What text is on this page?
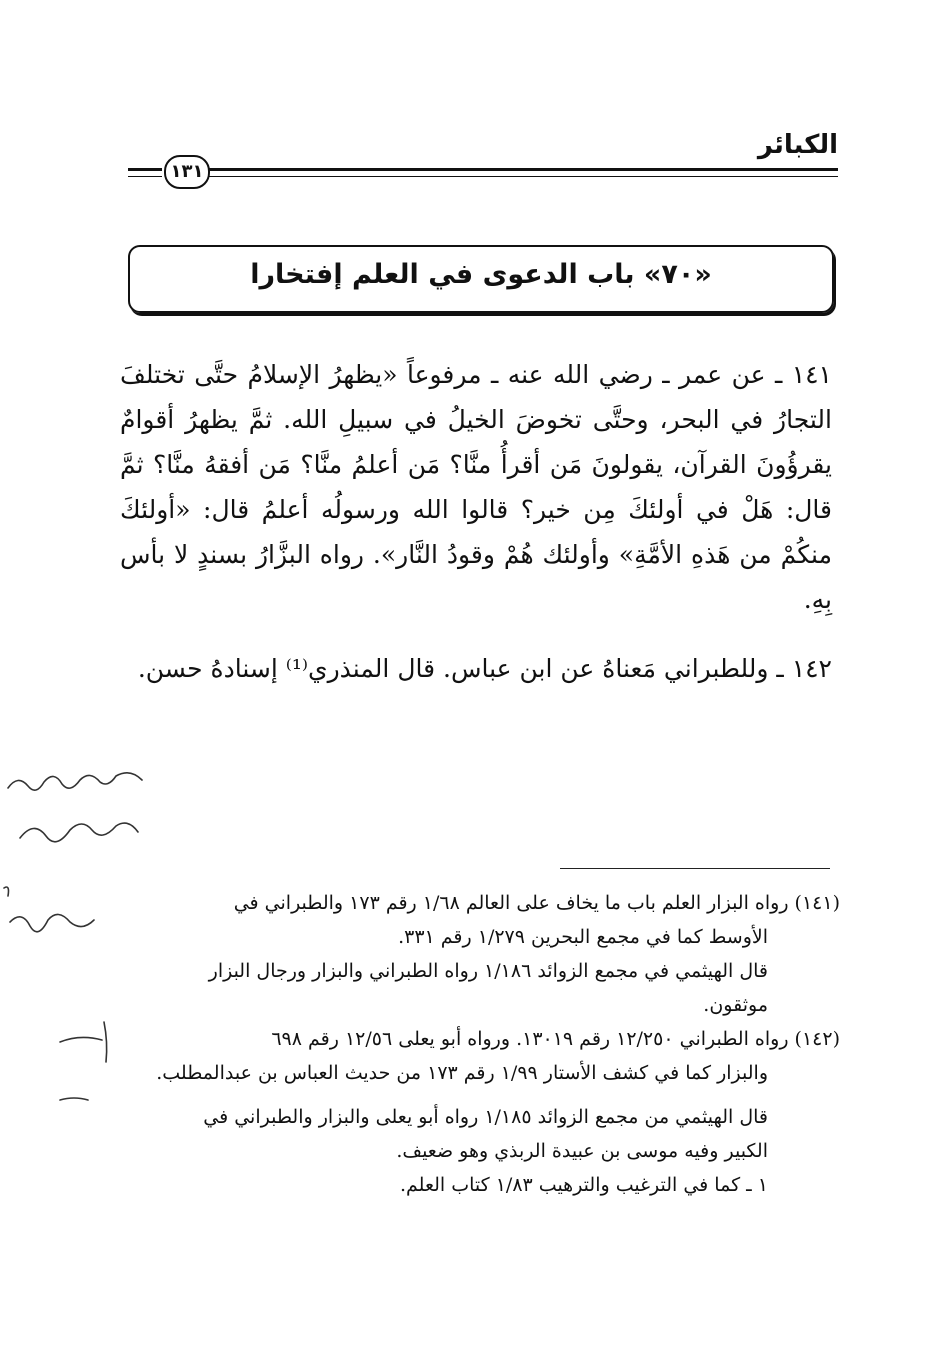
الكبائر
١٣١
«٧٠» باب الدعوى في العلم إفتخارا

١٤١ ـ عن عمر ـ رضي الله عنه ـ مرفوعاً «يظهرُ الإسلامُ حتَّى تختلفَ التجارُ في البحر، وحتَّى تخوضَ الخيلُ في سبيلِ الله. ثمَّ يظهرُ أقوامٌ يقرؤُونَ القرآن، يقولونَ مَن أقرأُ منَّا؟ مَن أعلمُ منَّا؟ مَن أفقهُ منَّا؟ ثمَّ قال: هَلْ في أولئكَ مِن خير؟ قالوا الله ورسولُه أعلمُ قال: «أولئكَ منكُمْ من هَذهِ الأمَّةِ» وأولئك هُمْ وقودُ النَّار». رواه البزَّارُ بسندٍ لا بأس بِهِ.

١٤٢ ـ وللطبراني مَعناهُ عن ابن عباس. قال المنذري⁽¹⁾ إسنادهُ حسن.

(١٤١) رواه البزار العلم باب ما يخاف على العالم ١/٦٨ رقم ١٧٣ والطبراني في

الأوسط كما في مجمع البحرين ١/٢٧٩ رقم ٣٣١.

قال الهيثمي في مجمع الزوائد ١/١٨٦ رواه الطبراني والبزار ورجال البزار

موثقون.

(١٤٢) رواه الطبراني ١٢/٢٥٠ رقم ١٣٠١٩. ورواه أبو يعلى ١٢/٥٦ رقم ٦٩٨

والبزار كما في كشف الأستار ١/٩٩ رقم ١٧٣ من حديث العباس بن عبدالمطلب.

قال الهيثمي من مجمع الزوائد ١/١٨٥ رواه أبو يعلى والبزار والطبراني في

الكبير وفيه موسى بن عبيدة الربذي وهو ضعيف.

١ ـ كما في الترغيب والترهيب ١/٨٣ كتاب العلم.
